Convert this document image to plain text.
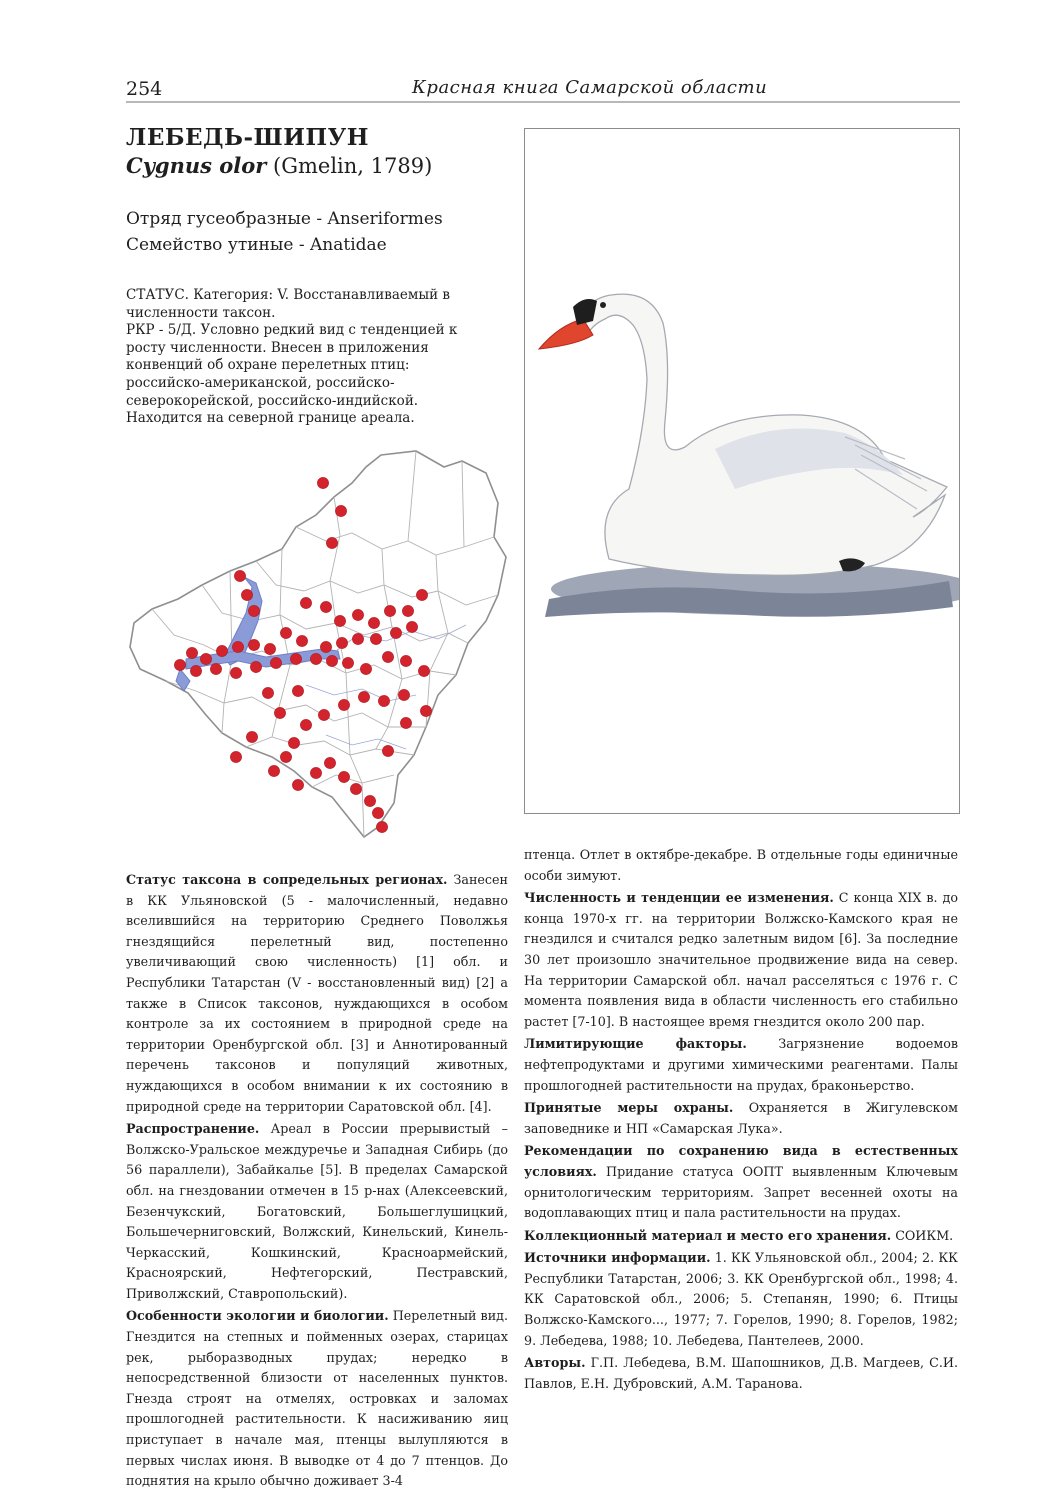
254	Красная книга Самарской области
ЛЕБЕДЬ-ШИПУН
Cygnus olor (Gmelin, 1789)
Отряд гусеобразные - Anseriformes
Семейство утиные - Anatidae

СТАТУС. Категория: V. Восстанавливаемый в численности таксон.

РКР - 5/Д. Условно редкий вид с тенденцией к росту численности. Внесен в приложения конвенций об охране перелетных птиц: российско-американской, российско-северокорейской, российско-индийской. Находится на северной границе ареала.

Статус таксона в сопредельных регионах. Занесен в КК Ульяновской (5 - малочисленный, недавно вселившийся на территорию Среднего Поволжья гнездящийся перелетный вид, постепенно увеличивающий свою численность) [1] обл. и Республики Татарстан (V - восстановленный вид) [2] а также в Список таксонов, нуждающихся в особом контроле за их состоянием в природной среде на территории Оренбургской обл. [3] и Аннотированный перечень таксонов и популяций животных, нуждающихся в особом внимании к их состоянию в природной среде на территории Саратовской обл. [4].

Распространение. Ареал в России прерывистый – Волжско-Уральское междуречье и Западная Сибирь (до 56 параллели), Забайкалье [5]. В пределах Самарской обл. на гнездовании отмечен в 15 р-нах (Алексеевский, Безенчукский, Богатовский, Большеглушицкий, Большечерниговский, Волжский, Кинельский, Кинель-Черкасский, Кошкинский, Красноармейский, Красноярский, Нефтегорский, Пестравский, Приволжский, Ставропольский).

Особенности экологии и биологии. Перелетный вид. Гнездится на степных и пойменных озерах, старицах рек, рыборазводных прудах; нередко в непосредственной близости от населенных пунктов. Гнезда строят на отмелях, островках и заломах прошлогодней растительности. К насиживанию яиц приступает в начале мая, птенцы вылупляются в первых числах июня. В выводке от 4 до 7 птенцов. До поднятия на крыло обычно доживает 3-4

птенца. Отлет в октябре-декабре. В отдельные годы единичные особи зимуют.

Численность и тенденции ее изменения. С конца XIX в. до конца 1970-х гг. на территории Волжско-Камского края не гнездился и считался редко залетным видом [6]. За последние 30 лет произошло значительное продвижение вида на север. На территории Самарской обл. начал расселяться с 1976 г. С момента появления вида в области численность его стабильно растет [7-10]. В настоящее время гнездится около 200 пар.

Лимитирующие факторы. Загрязнение водоемов нефтепродуктами и другими химическими реагентами. Палы прошлогодней растительности на прудах, браконьерство.

Принятые меры охраны. Охраняется в Жигулевском заповеднике и НП «Самарская Лука».

Рекомендации по сохранению вида в естественных условиях. Придание статуса ООПТ выявленным Ключевым орнитологическим территориям. Запрет весенней охоты на водоплавающих птиц и пала растительности на прудах.

Коллекционный материал и место его хранения. СОИКМ.

Источники информации. 1. КК Ульяновской обл., 2004; 2. КК Республики Татарстан, 2006; 3. КК Оренбургской обл., 1998; 4. КК Саратовской обл., 2006; 5. Степанян, 1990; 6. Птицы Волжско-Камского..., 1977; 7. Горелов, 1990; 8. Горелов, 1982; 9. Лебедева, 1988; 10. Лебедева, Пантелеев, 2000.

Авторы. Г.П. Лебедева, В.М. Шапошников, Д.В. Магдеев, С.И. Павлов, Е.Н. Дубровский, А.М. Таранова.
